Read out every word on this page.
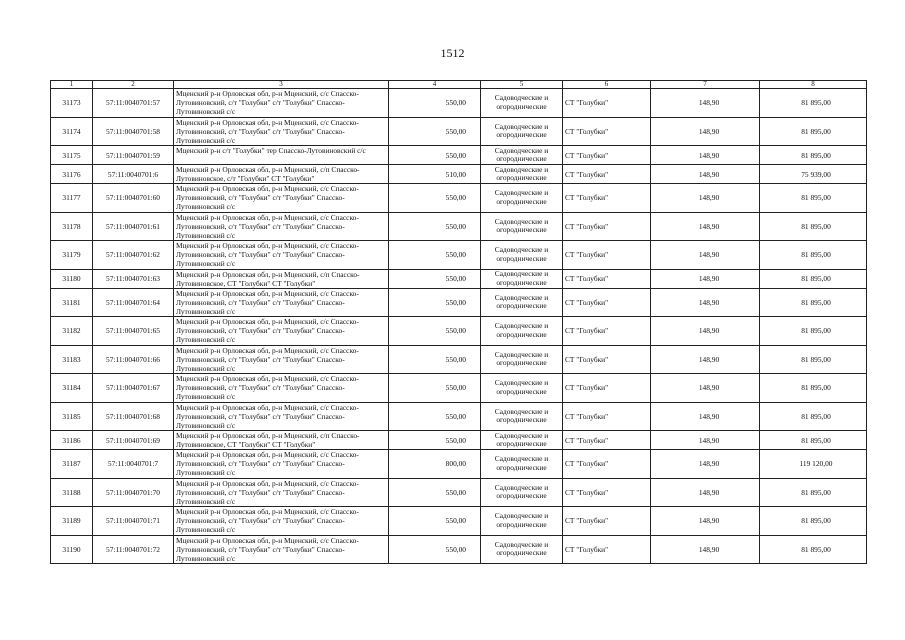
1512
1	2	3	4	5	6	7	8
31173	57:11:0040701:57	Мценский р-н Орловская обл, р-н Мценский, с/с Спасско-Лутовиновский, с/т "Голубки" с/т "Голубки" Спасско-Лутовиновский с/с	550,00	Садоводческие и огороднические	СТ "Голубки"	148,90	81 895,00
31174	57:11:0040701:58	Мценский р-н Орловская обл, р-н Мценский, с/с Спасско-Лутовиновский, с/т "Голубки" с/т "Голубки" Спасско-Лутовиновский с/с	550,00	Садоводческие и огороднические	СТ "Голубки"	148,90	81 895,00
31175	57:11:0040701:59	Мценский р-н с/т "Голубки" тер Спасско-Лутовиновский с/с	550,00	Садоводческие и огороднические	СТ "Голубки"	148,90	81 895,00
31176	57:11:0040701:6	Мценский р-н Орловская обл, р-н Мценский, с/п Спасско-Лутовиновское, с/т "Голубки" СТ "Голубки"	510,00	Садоводческие и огороднические	СТ "Голубки"	148,90	75 939,00
31177	57:11:0040701:60	Мценский р-н Орловская обл, р-н Мценский, с/с Спасско-Лутовиновский, с/т "Голубки" с/т "Голубки" Спасско-Лутовиновский с/с	550,00	Садоводческие и огороднические	СТ "Голубки"	148,90	81 895,00
31178	57:11:0040701:61	Мценский р-н Орловская обл, р-н Мценский, с/с Спасско-Лутовиновский, с/т "Голубки" с/т "Голубки" Спасско-Лутовиновский с/с	550,00	Садоводческие и огороднические	СТ "Голубки"	148,90	81 895,00
31179	57:11:0040701:62	Мценский р-н Орловская обл, р-н Мценский, с/с Спасско-Лутовиновский, с/т "Голубки" с/т "Голубки" Спасско-Лутовиновский с/с	550,00	Садоводческие и огороднические	СТ "Голубки"	148,90	81 895,00
31180	57:11:0040701:63	Мценский р-н Орловская обл, р-н Мценский, с/п Спасско-Лутовиновское, СТ "Голубки" СТ "Голубки"	550,00	Садоводческие и огороднические	СТ "Голубки"	148,90	81 895,00
31181	57:11:0040701:64	Мценский р-н Орловская обл, р-н Мценский, с/с Спасско-Лутовиновский, с/т "Голубки" с/т "Голубки" Спасско-Лутовиновский с/с	550,00	Садоводческие и огороднические	СТ "Голубки"	148,90	81 895,00
31182	57:11:0040701:65	Мценский р-н Орловская обл, р-н Мценский, с/с Спасско-Лутовиновский, с/т "Голубки" с/т "Голубки" Спасско-Лутовиновский с/с	550,00	Садоводческие и огороднические	СТ "Голубки"	148,90	81 895,00
31183	57:11:0040701:66	Мценский р-н Орловская обл, р-н Мценский, с/с Спасско-Лутовиновский, с/т "Голубки" с/т "Голубки" Спасско-Лутовиновский с/с	550,00	Садоводческие и огороднические	СТ "Голубки"	148,90	81 895,00
31184	57:11:0040701:67	Мценский р-н Орловская обл, р-н Мценский, с/с Спасско-Лутовиновский, с/т "Голубки" с/т "Голубки" Спасско-Лутовиновский с/с	550,00	Садоводческие и огороднические	СТ "Голубки"	148,90	81 895,00
31185	57:11:0040701:68	Мценский р-н Орловская обл, р-н Мценский, с/с Спасско-Лутовиновский, с/т "Голубки" с/т "Голубки" Спасско-Лутовиновский с/с	550,00	Садоводческие и огороднические	СТ "Голубки"	148,90	81 895,00
31186	57:11:0040701:69	Мценский р-н Орловская обл, р-н Мценский, с/п Спасско-Лутовиновское, СТ "Голубки" СТ "Голубки"	550,00	Садоводческие и огороднические	СТ "Голубки"	148,90	81 895,00
31187	57:11:0040701:7	Мценский р-н Орловская обл, р-н Мценский, с/с Спасско-Лутовиновский, с/т "Голубки" с/т "Голубки" Спасско-Лутовиновский с/с	800,00	Садоводческие и огороднические	СТ "Голубки"	148,90	119 120,00
31188	57:11:0040701:70	Мценский р-н Орловская обл, р-н Мценский, с/с Спасско-Лутовиновский, с/т "Голубки" с/т "Голубки" Спасско-Лутовиновский с/с	550,00	Садоводческие и огороднические	СТ "Голубки"	148,90	81 895,00
31189	57:11:0040701:71	Мценский р-н Орловская обл, р-н Мценский, с/с Спасско-Лутовиновский, с/т "Голубки" с/т "Голубки" Спасско-Лутовиновский с/с	550,00	Садоводческие и огороднические	СТ "Голубки"	148,90	81 895,00
31190	57:11:0040701:72	Мценский р-н Орловская обл, р-н Мценский, с/с Спасско-Лутовиновский, с/т "Голубки" с/т "Голубки" Спасско-Лутовиновский с/с	550,00	Садоводческие и огороднические	СТ "Голубки"	148,90	81 895,00
